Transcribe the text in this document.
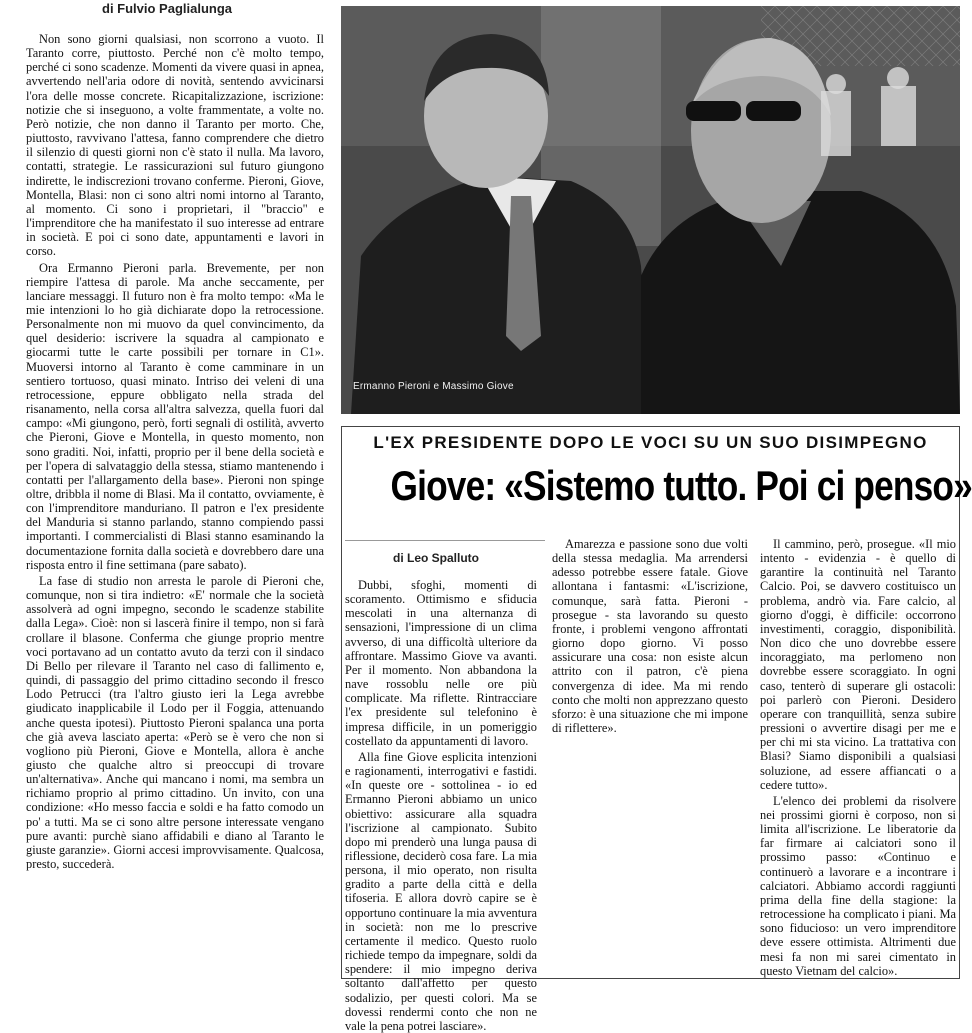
di Fulvio Paglialunga

Non sono giorni qualsiasi, non scorrono a vuoto. Il Taranto corre, piuttosto. Perché non c'è molto tempo, perché ci sono scadenze. Momenti da vivere quasi in apnea, avvertendo nell'aria odore di novità, sentendo avvicinarsi l'ora delle mosse concrete. Ricapitalizzazione, iscrizione: notizie che si inseguono, a volte frammentate, a volte no. Però notizie, che non danno il Taranto per morto. Che, piuttosto, ravvivano l'attesa, fanno comprendere che dietro il silenzio di questi giorni non c'è stato il nulla. Ma lavoro, contatti, strategie. Le rassicurazioni sul futuro giungono indirette, le indiscrezioni trovano conferme. Pieroni, Giove, Montella, Blasi: non ci sono altri nomi intorno al Taranto, al momento. Ci sono i proprietari, il "braccio" e l'imprenditore che ha manifestato il suo interesse ad entrare in società. E poi ci sono date, appuntamenti e lavori in corso.

Ora Ermanno Pieroni parla. Brevemente, per non riempire l'attesa di parole. Ma anche seccamente, per lanciare messaggi. Il futuro non è fra molto tempo: «Ma le mie intenzioni lo ho già dichiarate dopo la retrocessione. Personalmente non mi muovo da quel convincimento, da quel desiderio: iscrivere la squadra al campionato e giocarmi tutte le carte possibili per tornare in C1». Muoversi intorno al Taranto è come camminare in un sentiero tortuoso, quasi minato. Intriso dei veleni di una retrocessione, eppure obbligato nella strada del risanamento, nella corsa all'altra salvezza, quella fuori dal campo: «Mi giungono, però, forti segnali di ostilità, avverto che Pieroni, Giove e Montella, in questo momento, non sono graditi. Noi, infatti, proprio per il bene della società e per l'opera di salvataggio della stessa, stiamo mantenendo i contatti per l'allargamento della base». Pieroni non spinge oltre, dribbla il nome di Blasi. Ma il contatto, ovviamente, è con l'imprenditore manduriano. Il patron e l'ex presidente del Manduria si stanno parlando, stanno compiendo passi importanti. I commercialisti di Blasi stanno esaminando la documentazione fornita dalla società e dovrebbero dare una risposta entro il fine settimana (pare sabato).

La fase di studio non arresta le parole di Pieroni che, comunque, non si tira indietro: «E' normale che la società assolverà ad ogni impegno, secondo le scadenze stabilite dalla Lega». Cioè: non si lascerà finire il tempo, non si farà crollare il blasone. Conferma che giunge proprio mentre voci portavano ad un contatto avuto da terzi con il sindaco Di Bello per rilevare il Taranto nel caso di fallimento e, quindi, di passaggio del primo cittadino secondo il fresco Lodo Petrucci (tra l'altro giusto ieri la Lega avrebbe giudicato inapplicabile il Lodo per il Foggia, attenuando anche questa ipotesi). Piuttosto Pieroni spalanca una porta che già aveva lasciato aperta: «Però se è vero che non si vogliono più Pieroni, Giove e Montella, allora è anche giusto che qualche altro si preoccupi di trovare un'alternativa». Anche qui mancano i nomi, ma sembra un richiamo proprio al primo cittadino. Un invito, con una condizione: «Ho messo faccia e soldi e ha fatto comodo un po' a tutti. Ma se ci sono altre persone interessate vengano pure avanti: purchè siano affidabili e diano al Taranto le giuste garanzie». Giorni accesi improvvisamente. Qualcosa, presto, succederà.

Ermanno Pieroni e Massimo Giove
L'EX PRESIDENTE DOPO LE VOCI SU UN SUO DISIMPEGNO
Giove: «Sistemo tutto. Poi ci penso»
di Leo Spalluto

Dubbi, sfoghi, momenti di scoramento. Ottimismo e sfiducia mescolati in una alternanza di sensazioni, l'impressione di un clima avverso, di una difficoltà ulteriore da affrontare. Massimo Giove va avanti. Per il momento. Non abbandona la nave rossoblu nelle ore più complicate. Ma riflette. Rintracciare l'ex presidente sul telefonino è impresa difficile, in un pomeriggio costellato da appuntamenti di lavoro.

Alla fine Giove esplicita intenzioni e ragionamenti, interrogativi e fastidi. «In queste ore - sottolinea - io ed Ermanno Pieroni abbiamo un unico obiettivo: assicurare alla squadra l'iscrizione al campionato. Subito dopo mi prenderò una lunga pausa di riflessione, deciderò cosa fare. La mia persona, il mio operato, non risulta gradito a parte della città e della tifoseria. E allora dovrò capire se è opportuno continuare la mia avventura in società: non me lo prescrive certamente il medico. Questo ruolo richiede tempo da impegnare, soldi da spendere: il mio impegno deriva soltanto dall'affetto per questo sodalizio, per questi colori. Ma se dovessi rendermi conto che non ne vale la pena potrei lasciare».

Amarezza e passione sono due volti della stessa medaglia. Ma arrendersi adesso potrebbe essere fatale. Giove allontana i fantasmi: «L'iscrizione, comunque, sarà fatta. Pieroni - prosegue - sta lavorando su questo fronte, i problemi vengono affrontati giorno dopo giorno. Vi posso assicurare una cosa: non esiste alcun attrito con il patron, c'è piena convergenza di idee. Ma mi rendo conto che molti non apprezzano questo sforzo: è una situazione che mi impone di riflettere».

Il cammino, però, prosegue. «Il mio intento - evidenzia - è quello di garantire la continuità nel Taranto Calcio. Poi, se davvero costituisco un problema, andrò via. Fare calcio, al giorno d'oggi, è difficile: occorrono investimenti, coraggio, disponibilità. Non dico che uno dovrebbe essere incoraggiato, ma perlomeno non dovrebbe essere scoraggiato. In ogni caso, tenterò di superare gli ostacoli: poi parlerò con Pieroni. Desidero operare con tranquillità, senza subire pressioni o avvertire disagi per me e per chi mi sta vicino. La trattativa con Blasi? Siamo disponibili a qualsiasi soluzione, ad essere affiancati o a cedere tutto».

L'elenco dei problemi da risolvere nei prossimi giorni è corposo, non si limita all'iscrizione. Le liberatorie da far firmare ai calciatori sono il prossimo passo: «Continuo e continuerò a lavorare e a incontrare i calciatori. Abbiamo accordi raggiunti prima della fine della stagione: la retrocessione ha complicato i piani. Ma sono fiducioso: un vero imprenditore deve essere ottimista. Altrimenti due mesi fa non mi sarei cimentato in questo Vietnam del calcio».
